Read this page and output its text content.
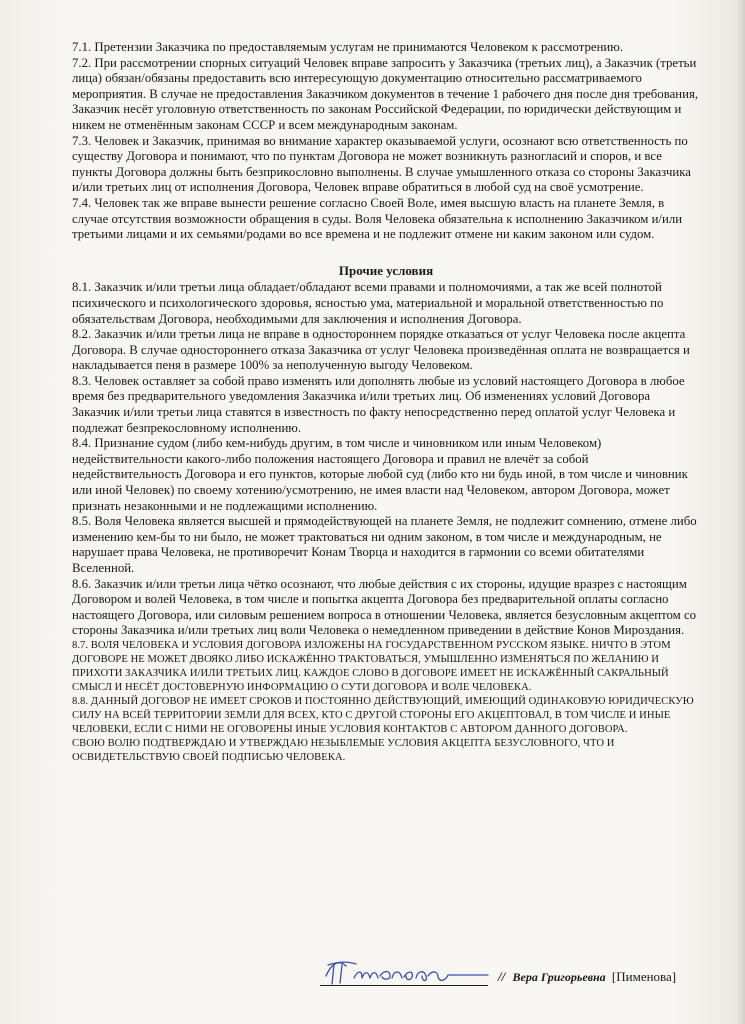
7.1. Претензии Заказчика по предоставляемым услугам не принимаются Человеком к рассмотрению.

7.2. При рассмотрении спорных ситуаций Человек вправе запросить у Заказчика (третьих лиц), а Заказчик (третьи лица) обязан/обязаны предоставить всю интересующую документацию относительно рассматриваемого мероприятия. В случае не предоставления Заказчиком документов в течение 1 рабочего дня после дня требования, Заказчик несёт уголовную ответственность по законам Российской Федерации, по юридически действующим и никем не отменённым законам СССР и всем международным законам.

7.3. Человек и Заказчик, принимая во внимание характер оказываемой услуги, осознают всю ответственность по существу Договора и понимают, что по пунктам Договора не может возникнуть разногласий и споров, и все пункты Договора должны быть безприкословно выполнены. В случае умышленного отказа со стороны Заказчика и/или третьих лиц от исполнения Договора, Человек вправе обратиться в любой суд на своё усмотрение.

7.4. Человек так же вправе вынести решение согласно Своей Воле, имея высшую власть на планете Земля, в случае отсутствия возможности обращения в суды. Воля Человека обязательна к исполнению Заказчиком и/или третьими лицами и их семьями/родами во все времена и не подлежит отмене ни каким законом или судом.

Прочие условия

8.1. Заказчик и/или третьи лица обладает/обладают всеми правами и полномочиями, а так же всей полнотой психического и психологического здоровья, ясностью ума, материальной и моральной ответственностью по обязательствам Договора, необходимыми для заключения и исполнения Договора.

8.2. Заказчик и/или третьи лица не вправе в одностороннем порядке отказаться от услуг Человека после акцепта Договора. В случае одностороннего отказа Заказчика от услуг Человека произведённая оплата не возвращается и накладывается пеня в размере 100% за неполученную выгоду Человеком.

8.3. Человек оставляет за собой право изменять или дополнять любые из условий настоящего Договора в любое время без предварительного уведомления Заказчика и/или третьих лиц. Об изменениях условий Договора Заказчик и/или третьи лица ставятся в известность по факту непосредственно перед оплатой услуг Человека и подлежат безпрекословному исполнению.

8.4. Признание судом (либо кем-нибудь другим, в том числе и чиновником или иным Человеком) недействительности какого-либо положения настоящего Договора и правил не влечёт за собой недействительность Договора и его пунктов, которые любой суд (либо кто ни будь иной, в том числе и чиновник или иной Человек) по своему хотению/усмотрению, не имея власти над Человеком, автором Договора, может признать незаконными и не подлежащими исполнению.

8.5. Воля Человека является высшей и прямодействующей на планете Земля, не подлежит сомнению, отмене либо изменению кем-бы то ни было, не может трактоваться ни одним законом, в том числе и международным, не нарушает права Человека, не противоречит Конам Творца и находится в гармонии со всеми обитателями Вселенной.

8.6. Заказчик и/или третьи лица чётко осознают, что любые действия с их стороны, идущие вразрез с настоящим Договором и волей Человека, в том числе и попытка акцепта Договора без предварительной оплаты согласно настоящего Договора, или силовым решением вопроса в отношении Человека, является безусловным акцептом со стороны Заказчика и/или третьих лиц воли Человека о немедленном приведении в действие Конов Мироздания.

8.7. ВОЛЯ ЧЕЛОВЕКА И УСЛОВИЯ ДОГОВОРА ИЗЛОЖЕНЫ НА ГОСУДАРСТВЕННОМ РУССКОМ ЯЗЫКЕ. НИЧТО В ЭТОМ ДОГОВОРЕ НЕ МОЖЕТ ДВОЯКО ЛИБО ИСКАЖЁННО ТРАКТОВАТЬСЯ, УМЫШЛЕННО ИЗМЕНЯТЬСЯ ПО ЖЕЛАНИЮ И ПРИХОТИ ЗАКАЗЧИКА И/ИЛИ ТРЕТЬИХ ЛИЦ. КАЖДОЕ СЛОВО В ДОГОВОРЕ ИМЕЕТ НЕ ИСКАЖЁННЫЙ САКРАЛЬНЫЙ СМЫСЛ И НЕСЁТ ДОСТОВЕРНУЮ ИНФОРМАЦИЮ О СУТИ ДОГОВОРА И ВОЛЕ ЧЕЛОВЕКА.

8.8. ДАННЫЙ ДОГОВОР НЕ ИМЕЕТ СРОКОВ И ПОСТОЯННО ДЕЙСТВУЮЩИЙ, ИМЕЮЩИЙ ОДИНАКОВУЮ ЮРИДИЧЕСКУЮ СИЛУ НА ВСЕЙ ТЕРРИТОРИИ ЗЕМЛИ ДЛЯ ВСЕХ, КТО С ДРУГОЙ СТОРОНЫ ЕГО АКЦЕПТОВАЛ, В ТОМ ЧИСЛЕ И ИНЫЕ ЧЕЛОВЕКИ, ЕСЛИ С НИМИ НЕ ОГОВОРЕНЫ ИНЫЕ УСЛОВИЯ КОНТАКТОВ С АВТОРОМ ДАННОГО ДОГОВОРА.

СВОЮ ВОЛЮ ПОДТВЕРЖДАЮ И УТВЕРЖДАЮ НЕЗЫБЛЕМЫЕ УСЛОВИЯ АКЦЕПТА БЕЗУСЛОВНОГО, ЧТО И ОСВИДЕТЕЛЬСТВУЮ СВОЕЙ ПОДПИСЬЮ ЧЕЛОВЕКА.

// Вера Григорьевна [Пименова]
